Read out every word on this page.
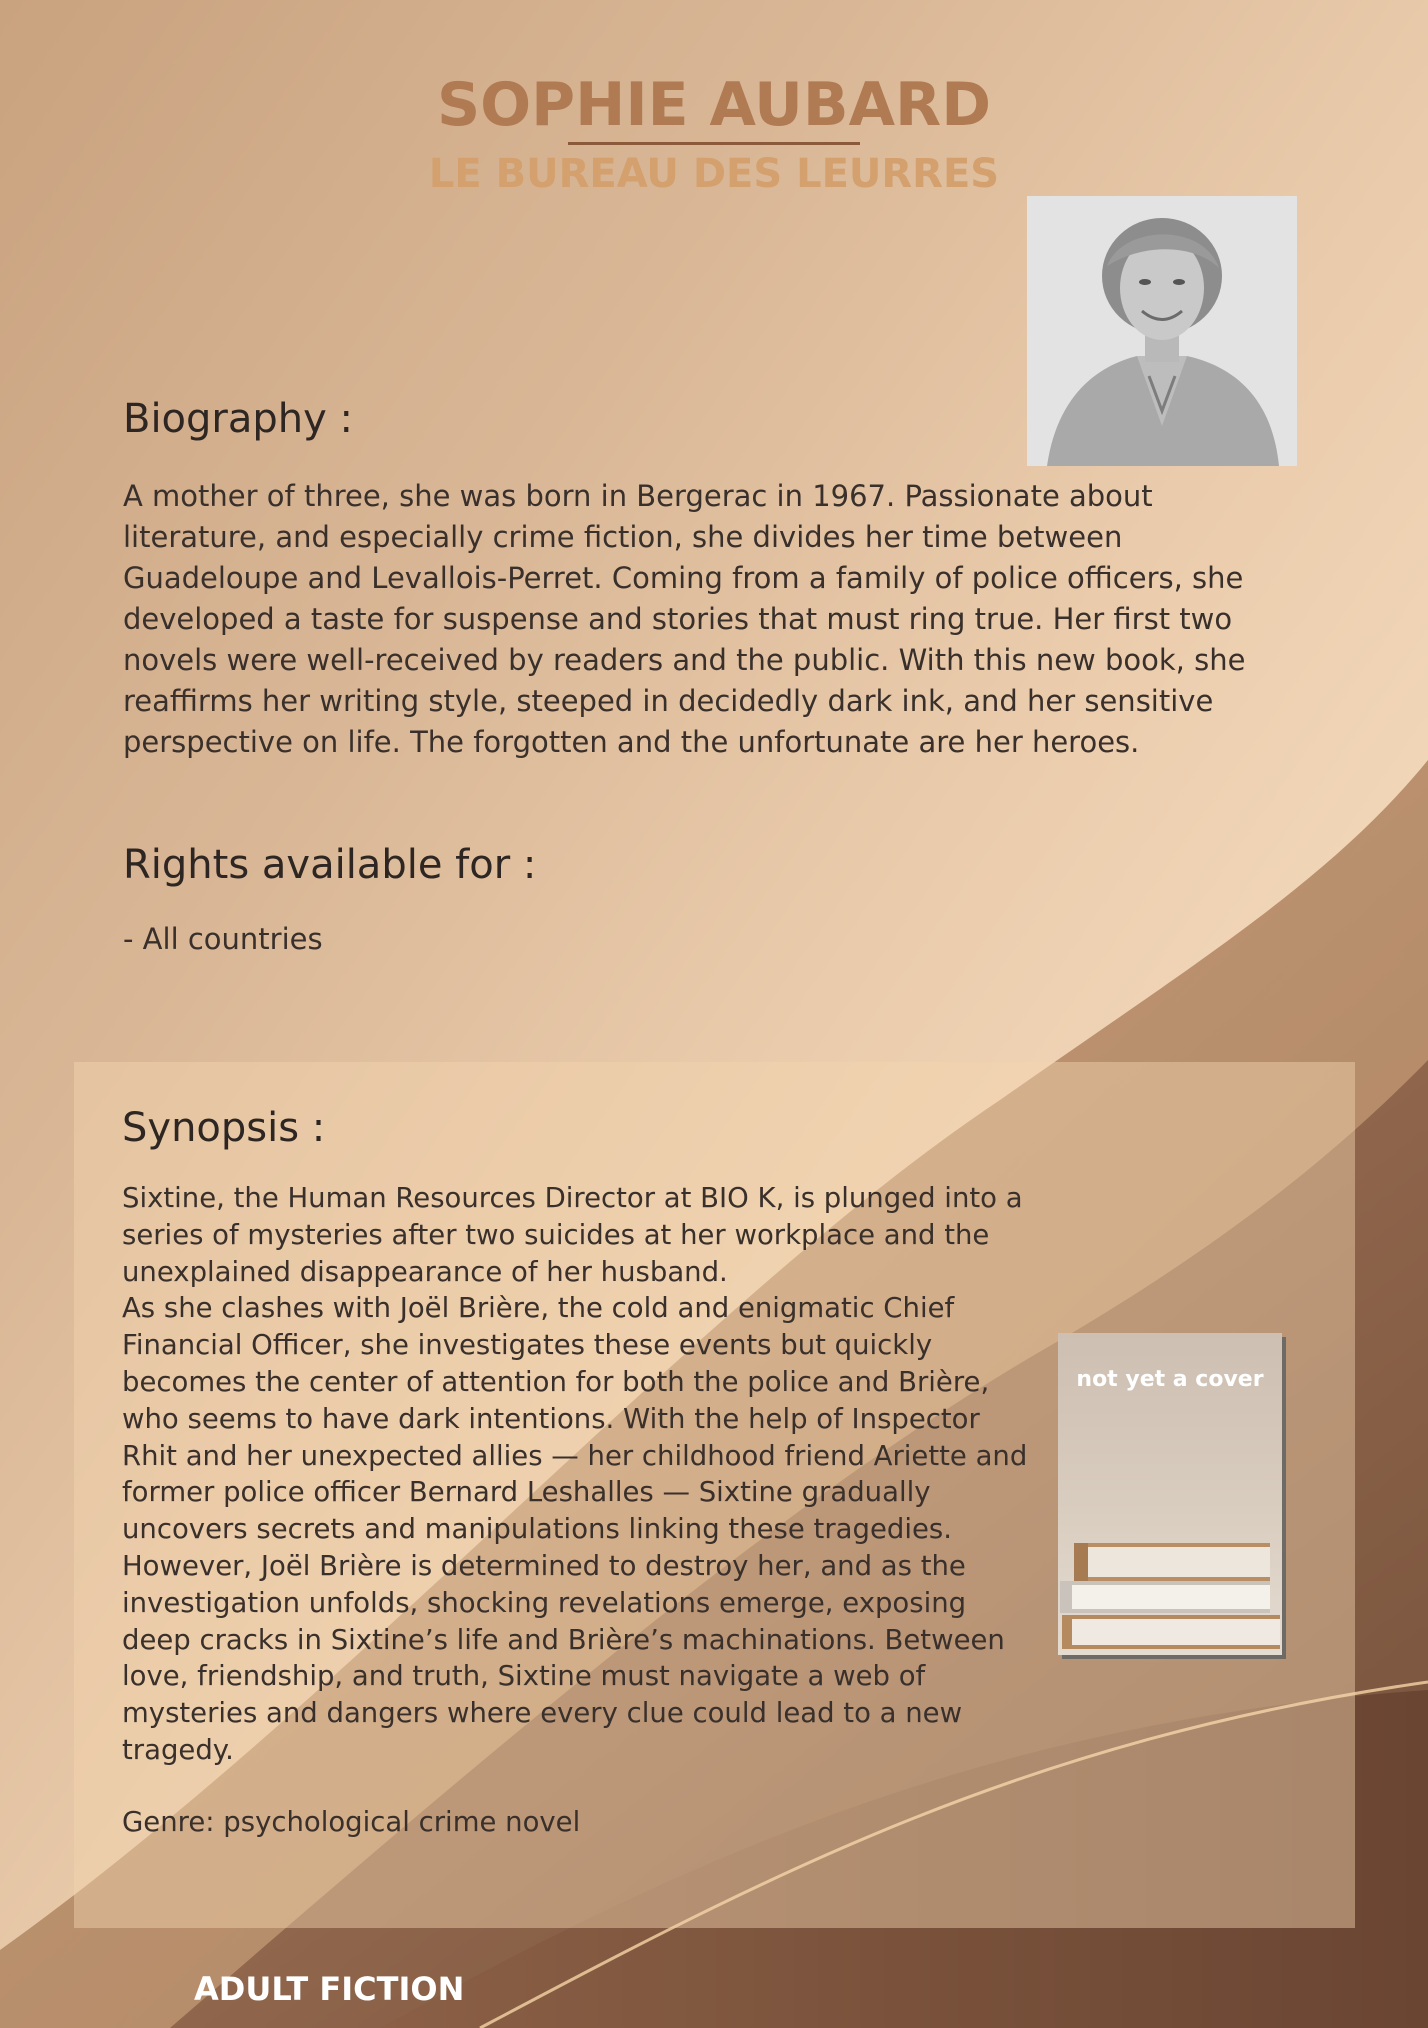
SOPHIE AUBARD
LE BUREAU DES LEURRES
Biography :

A mother of three, she was born in Bergerac in 1967. Passionate about literature, and especially crime fiction, she divides her time between Guadeloupe and Levallois-Perret. Coming from a family of police officers, she developed a taste for suspense and stories that must ring true. Her first two novels were well-received by readers and the public. With this new book, she reaffirms her writing style, steeped in decidedly dark ink, and her sensitive perspective on life. The forgotten and the unfortunate are her heroes.

Rights available for :
- All countries
Synopsis :

Sixtine, the Human Resources Director at BIO K, is plunged into a series of mysteries after two suicides at her workplace and the unexplained disappearance of her husband.

As she clashes with Joël Brière, the cold and enigmatic Chief Financial Officer, she investigates these events but quickly becomes the center of attention for both the police and Brière, who seems to have dark intentions. With the help of Inspector Rhit and her unexpected allies — her childhood friend Ariette and former police officer Bernard Leshalles — Sixtine gradually uncovers secrets and manipulations linking these tragedies. However, Joël Brière is determined to destroy her, and as the investigation unfolds, shocking revelations emerge, exposing deep cracks in Sixtine’s life and Brière’s machinations. Between love, friendship, and truth, Sixtine must navigate a web of mysteries and dangers where every clue could lead to a new tragedy.

Genre: psychological crime novel
not yet a cover
ADULT FICTION
